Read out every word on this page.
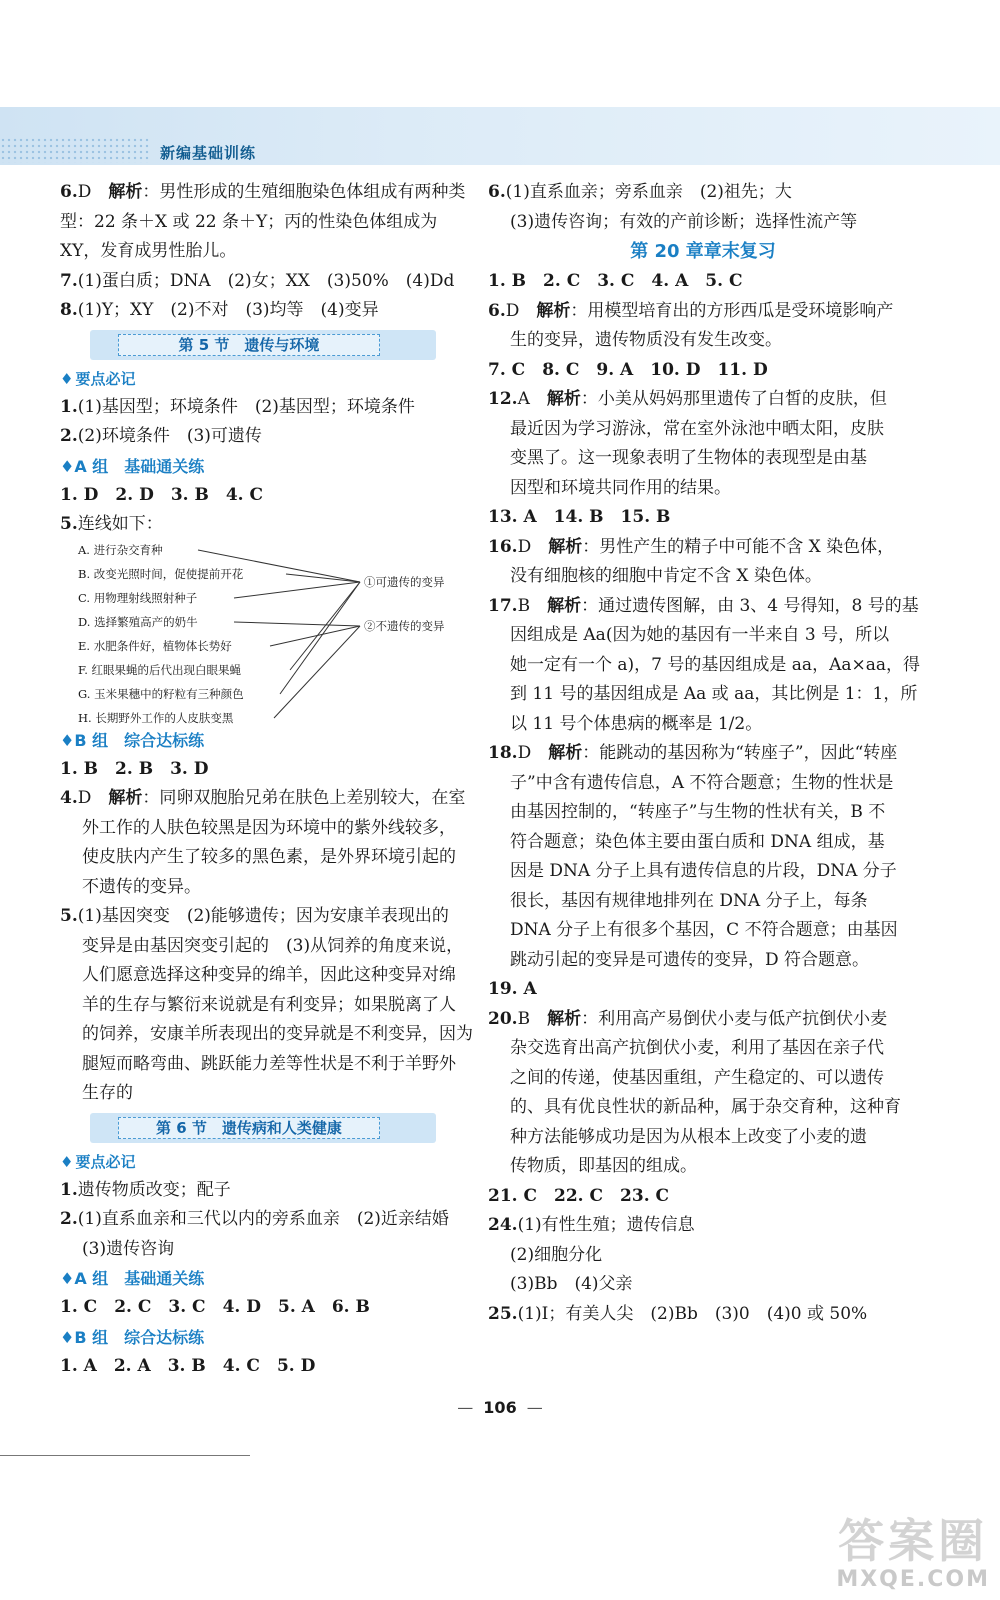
新编基础训练
6.D　 解析：男性形成的生殖细胞染色体组成有两种类
型：22 条＋X 或 22 条＋Y；丙的性染色体组成为
XY，发育成男性胎儿。
7.(1)蛋白质；DNA　(2)女；XX　(3)50%　(4)Dd
8.(1)Y；XY　(2)不对　(3)均等　(4)变异
第 5 节　遗传与环境
♦ 要点必记
1.(1)基因型；环境条件　(2)基因型；环境条件
2.(2)环境条件　(3)可遗传
♦A 组　基础通关练
1. D　2. D　3. B　4. C
5.连线如下：
A. 进行杂交育种
B. 改变光照时间，促使提前开花
C. 用物理射线照射种子
D. 选择繁殖高产的奶牛
E. 水肥条件好，植物体长势好
F. 红眼果蝇的后代出现白眼果蝇
G. 玉米果穗中的籽粒有三种颜色
H. 长期野外工作的人皮肤变黑
①可遗传的变异
②不遗传的变异
♦B 组　综合达标练
1. B　2. B　3. D
4.D　 解析：同卵双胞胎兄弟在肤色上差别较大，在室
外工作的人肤色较黑是因为环境中的紫外线较多，
使皮肤内产生了较多的黑色素，是外界环境引起的
不遗传的变异。
5.(1)基因突变　(2)能够遗传；因为安康羊表现出的
变异是由基因突变引起的　(3)从饲养的角度来说，
人们愿意选择这种变异的绵羊，因此这种变异对绵
羊的生存与繁衍来说就是有利变异；如果脱离了人
的饲养，安康羊所表现出的变异就是不利变异，因为
腿短而略弯曲、跳跃能力差等性状是不利于羊野外
生存的
第 6 节　遗传病和人类健康
♦ 要点必记
1.遗传物质改变；配子
2.(1)直系血亲和三代以内的旁系血亲　(2)近亲结婚
(3)遗传咨询
♦A 组　基础通关练
1. C　2. C　3. C　4. D　5. A　6. B
♦B 组　综合达标练
1. A　2. A　3. B　4. C　5. D
6.(1)直系血亲；旁系血亲　(2)祖先；大
(3)遗传咨询；有效的产前诊断；选择性流产等
第 20 章章末复习
1. B　2. C　3. C　4. A　5. C
6.D　 解析：用模型培育出的方形西瓜是受环境影响产
生的变异，遗传物质没有发生改变。
7. C　8. C　9. A　10. D　11. D
12.A　 解析：小美从妈妈那里遗传了白皙的皮肤，但
最近因为学习游泳，常在室外泳池中晒太阳，皮肤
变黑了。这一现象表明了生物体的表现型是由基
因型和环境共同作用的结果。
13. A　14. B　15. B
16.D　 解析：男性产生的精子中可能不含 X 染色体，
没有细胞核的细胞中肯定不含 X 染色体。
17.B　 解析：通过遗传图解，由 3、4 号得知，8 号的基
因组成是 Aa(因为她的基因有一半来自 3 号，所以
她一定有一个 a)，7 号的基因组成是 aa，Aa×aa，得
到 11 号的基因组成是 Aa 或 aa，其比例是 1：1，所
以 11 号个体患病的概率是 1/2。
18.D　 解析：能跳动的基因称为“转座子”，因此“转座
子”中含有遗传信息，A 不符合题意；生物的性状是
由基因控制的，“转座子”与生物的性状有关，B 不
符合题意；染色体主要由蛋白质和 DNA 组成，基
因是 DNA 分子上具有遗传信息的片段，DNA 分子
很长，基因有规律地排列在 DNA 分子上，每条
DNA 分子上有很多个基因，C 不符合题意；由基因
跳动引起的变异是可遗传的变异，D 符合题意。
19. A
20.B　 解析：利用高产易倒伏小麦与低产抗倒伏小麦
杂交选育出高产抗倒伏小麦，利用了基因在亲子代
之间的传递，使基因重组，产生稳定的、可以遗传
的、具有优良性状的新品种，属于杂交育种，这种育
种方法能够成功是因为从根本上改变了小麦的遗
传物质，即基因的组成。
21. C　22. C　23. C
24.(1)有性生殖；遗传信息
(2)细胞分化
(3)Bb　(4)父亲
25.(1)Ⅰ；有美人尖　(2)Bb　(3)0　(4)0 或 50%
— 106 —
答案圈
MXQE.COM
